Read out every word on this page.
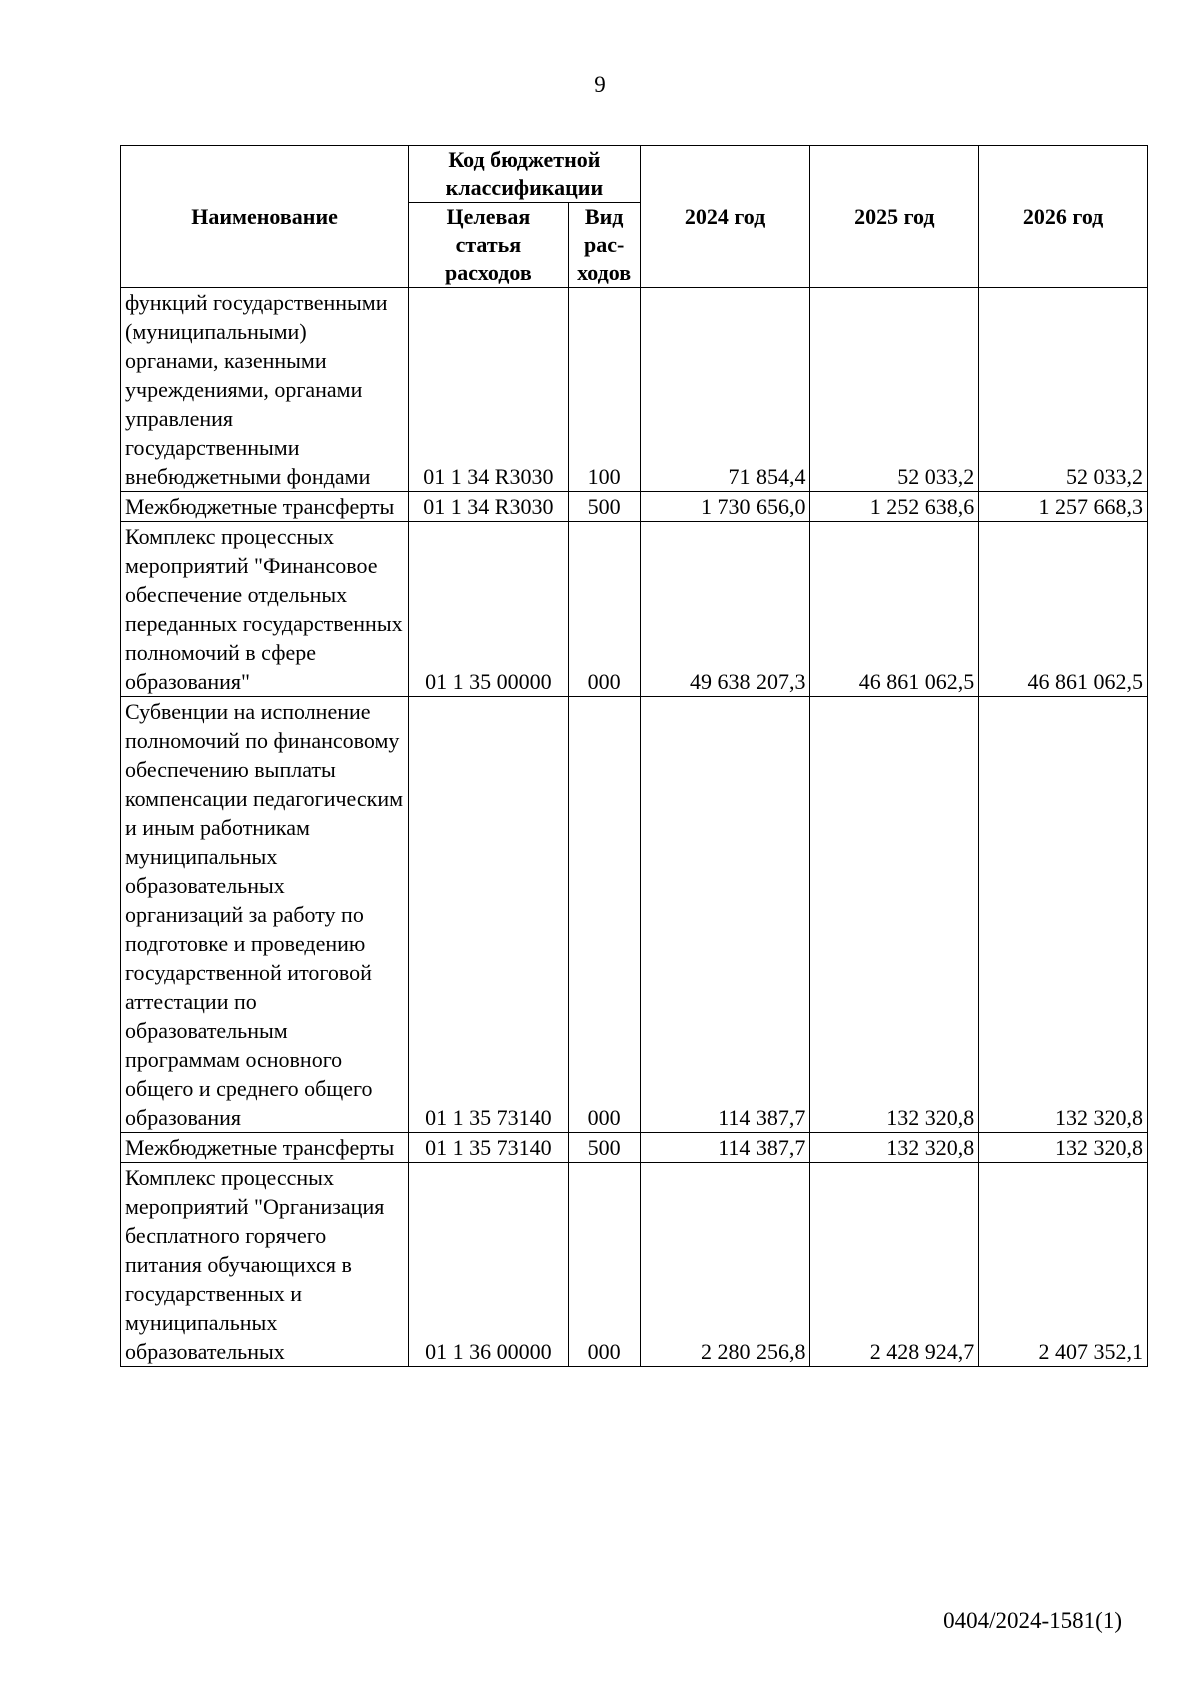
9
Наименование	Код бюджетной классификации		2024 год	2025 год	2026 год
	Целевая статья расходов	Вид рас-ходов			
функций государственными (муниципальными) органами, казенными учреждениями, органами управления государственными внебюджетными фондами	01 1 34 R3030	100	71 854,4	52 033,2	52 033,2
Межбюджетные трансферты	01 1 34 R3030	500	1 730 656,0	1 252 638,6	1 257 668,3
Комплекс процессных мероприятий "Финансовое обеспечение отдельных переданных государственных полномочий в сфере образования"	01 1 35 00000	000	49 638 207,3	46 861 062,5	46 861 062,5
Субвенции на исполнение полномочий по финансовому обеспечению выплаты компенсации педагогическим и иным работникам муниципальных образовательных организаций за работу по подготовке и проведению государственной итоговой аттестации по образовательным программам основного общего и среднего общего образования	01 1 35 73140	000	114 387,7	132 320,8	132 320,8
Межбюджетные трансферты	01 1 35 73140	500	114 387,7	132 320,8	132 320,8
Комплекс процессных мероприятий "Организация бесплатного горячего питания обучающихся в государственных и муниципальных образовательных	01 1 36 00000	000	2 280 256,8	2 428 924,7	2 407 352,1
0404/2024-1581(1)
